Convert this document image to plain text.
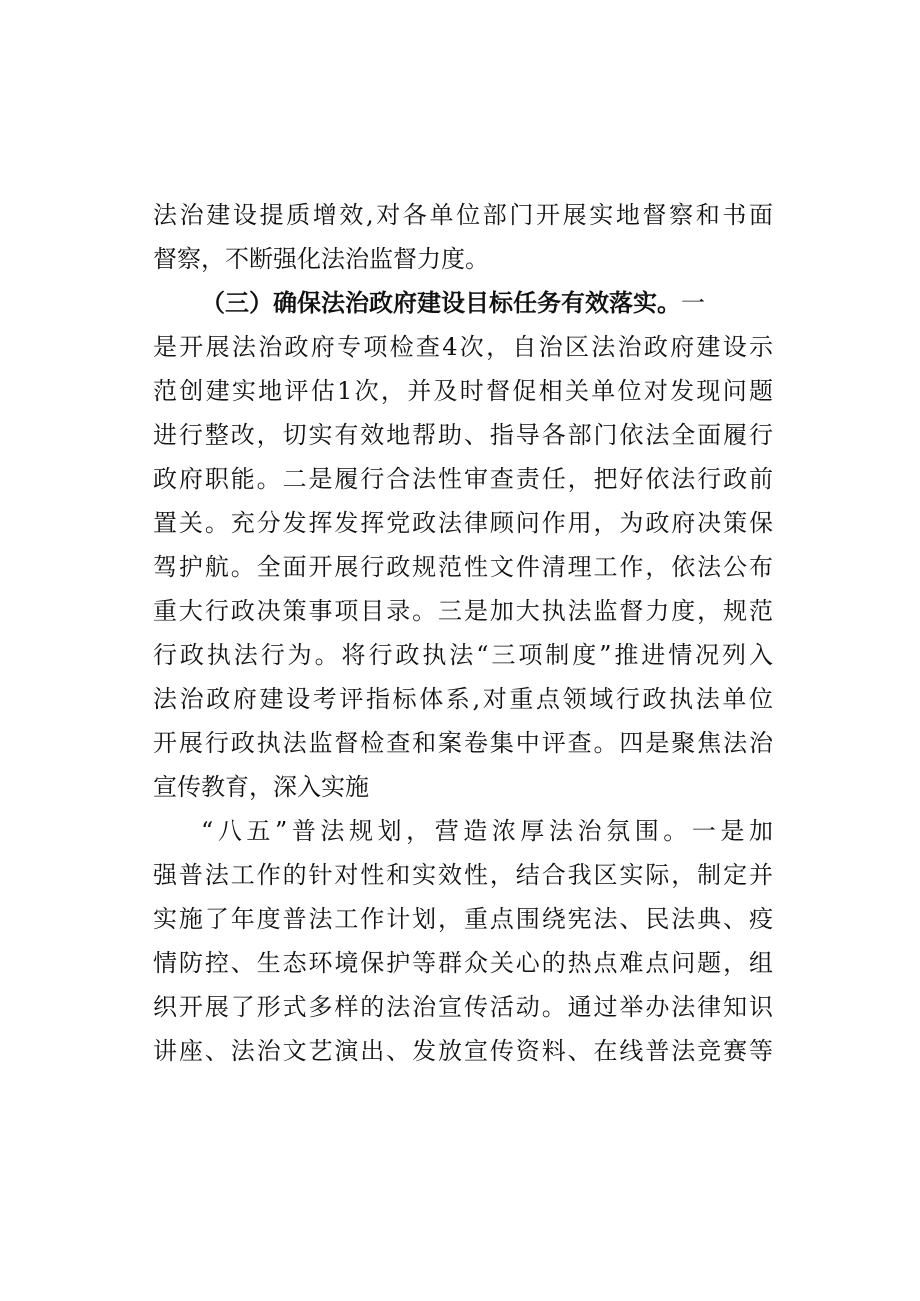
法治建设提质增效,对各单位部门开展实地督察和书面
督察，不断强化法治监督力度。
（三）确保法治政府建设目标任务有效落实。一
是开展法治政府专项检查4次，自治区法治政府建设示
范创建实地评估1次，并及时督促相关单位对发现问题
进行整改，切实有效地帮助、指导各部门依法全面履行
政府职能。二是履行合法性审查责任，把好依法行政前
置关。充分发挥发挥党政法律顾问作用，为政府决策保
驾护航。全面开展行政规范性文件清理工作，依法公布
重大行政决策事项目录。三是加大执法监督力度，规范
行政执法行为。将行政执法“三项制度”推进情况列入
法治政府建设考评指标体系,对重点领域行政执法单位
开展行政执法监督检查和案卷集中评查。四是聚焦法治
宣传教育，深入实施
“八五”普法规划，营造浓厚法治氛围。一是加
强普法工作的针对性和实效性，结合我区实际，制定并
实施了年度普法工作计划，重点围绕宪法、民法典、疫
情防控、生态环境保护等群众关心的热点难点问题，组
织开展了形式多样的法治宣传活动。通过举办法律知识
讲座、法治文艺演出、发放宣传资料、在线普法竞赛等
